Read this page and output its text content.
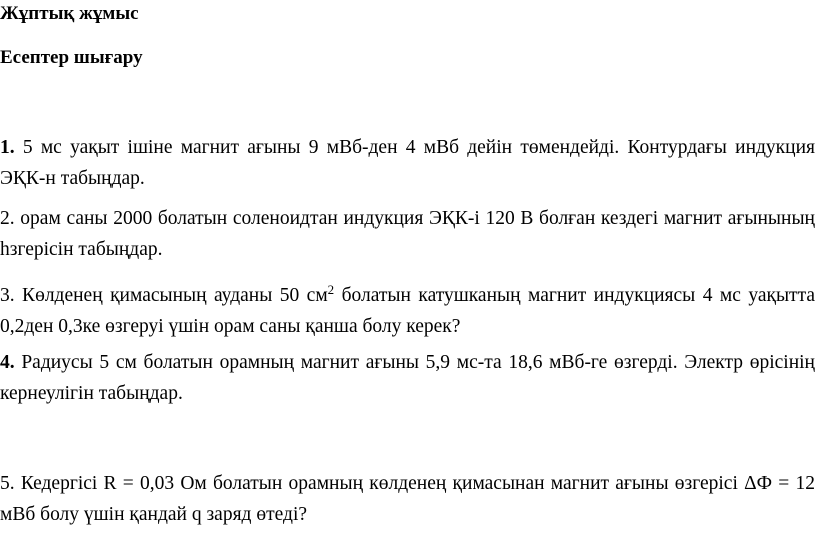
Жұптық жұмыс
Есептер шығару
1. 5 мс уақыт ішіне магнит ағыны 9 мВб-ден 4 мВб дейін төмендейді. Контурдағы индукция ЭҚК-н табыңдар.
2. орам саны 2000 болатын соленоидтан индукция ЭҚК-і 120 В болған кездегі магнит ағынының һзгерісін табыңдар.
3. Көлденең қимасының ауданы 50 $см^2$ болатын катушканың магнит индукциясы 4 мс уақытта 0,2ден 0,3ке өзгеруі үшін орам саны қанша болу керек?
4. Радиусы 5 см болатын орамның магнит ағыны 5,9 мс-та 18,6 мВб-ге өзгерді. Электр өрісінің кернеулігін табыңдар.
5. Кедергісі R = 0,03 Ом болатын орамның көлденең қимасынан магнит ағыны өзгерісі ΔФ = 12 мВб болу үшін қандай q заряд өтеді?
